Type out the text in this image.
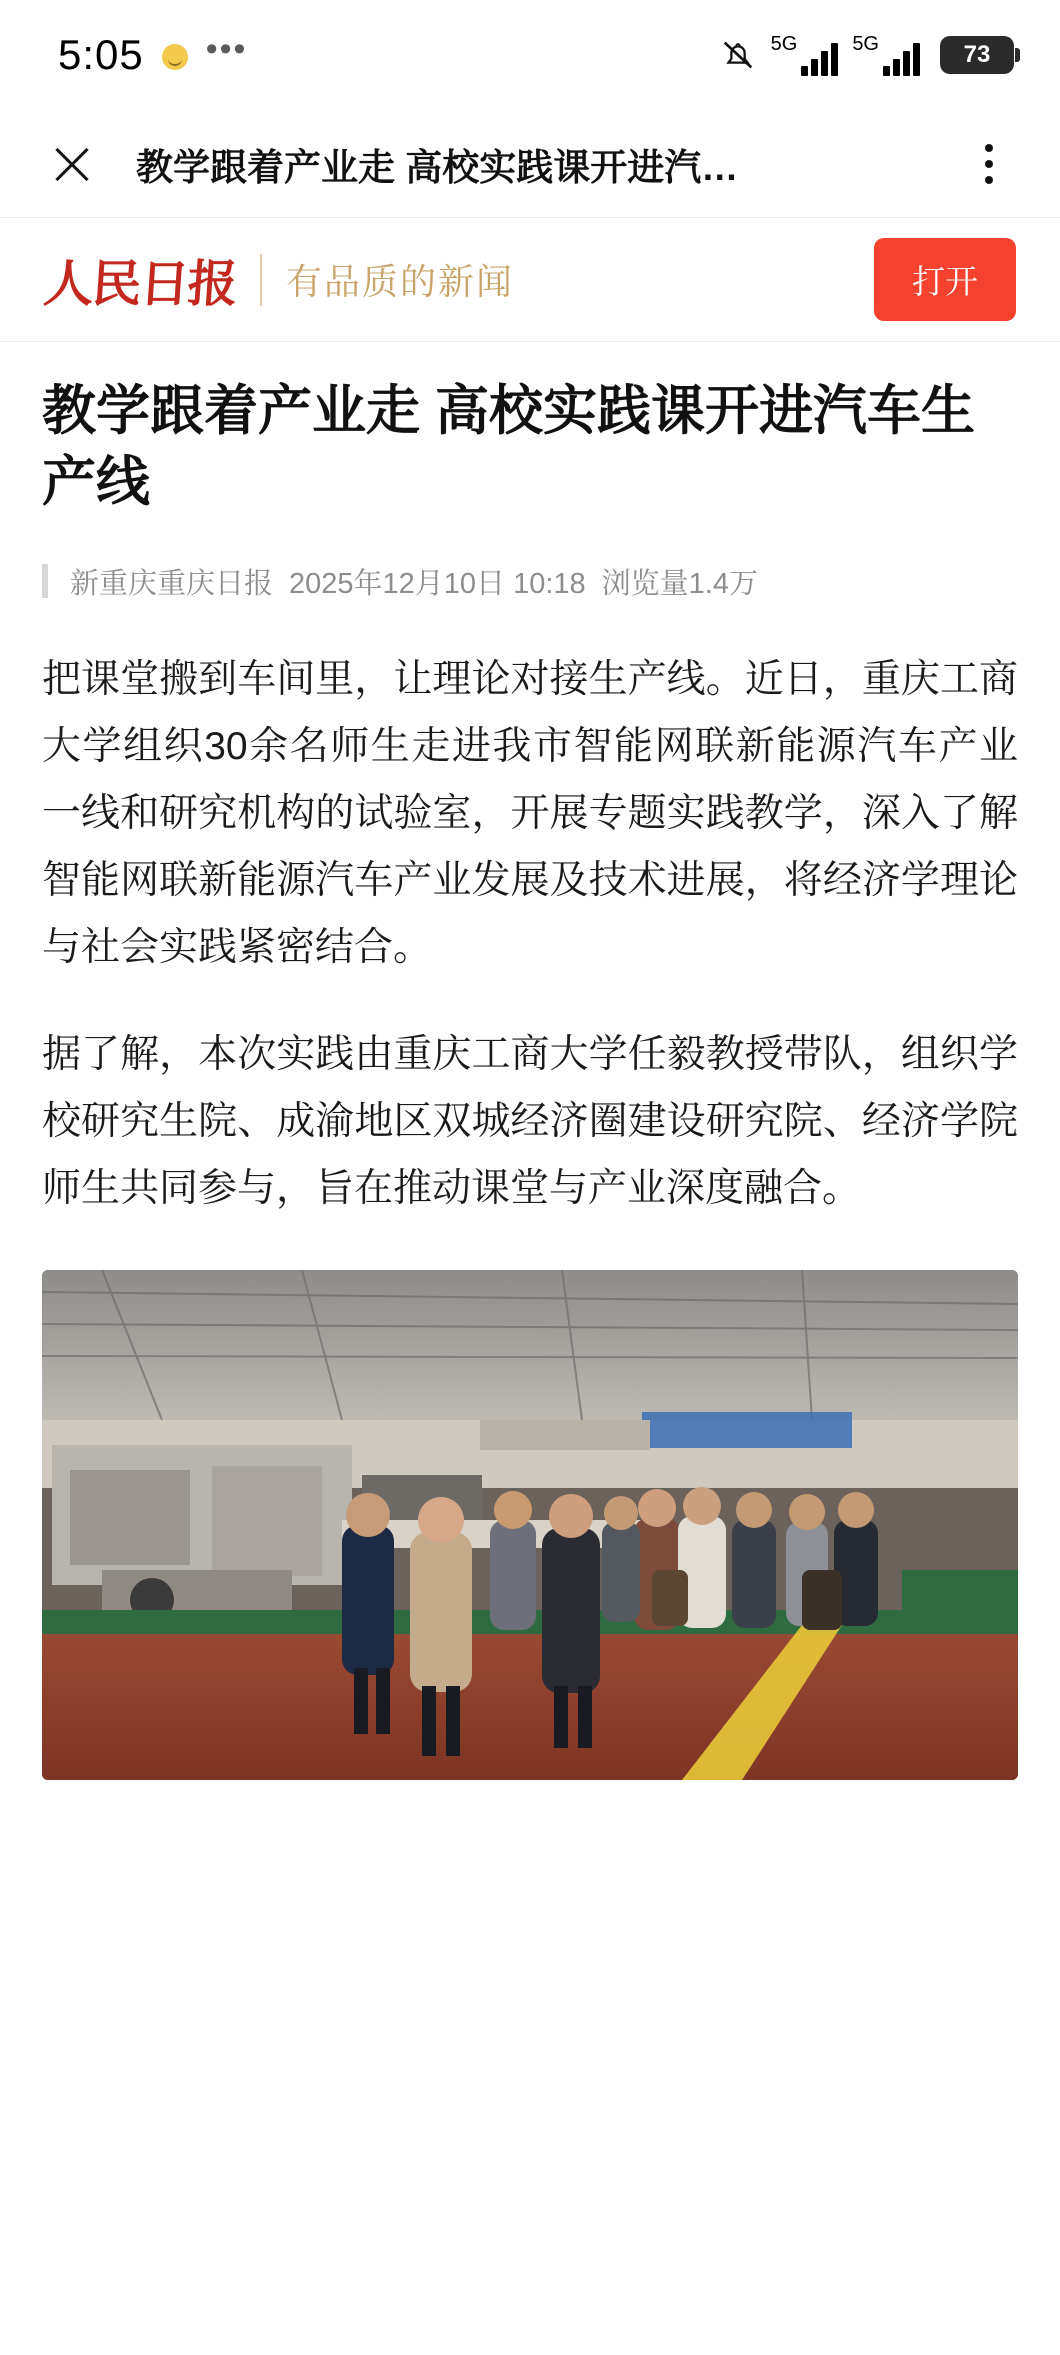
5:05 •••	5G	5G	73
教学跟着产业走 高校实践课开进汽…
人民日报 有品质的新闻	打开
教学跟着产业走 高校实践课开进汽车生产线
新重庆重庆日报 2025年12月10日 10:18 浏览量1.4万

把课堂搬到车间里，让理论对接生产线。近日，重庆工商大学组织30余名师生走进我市智能网联新能源汽车产业一线和研究机构的试验室，开展专题实践教学，深入了解智能网联新能源汽车产业发展及技术进展，将经济学理论与社会实践紧密结合。

据了解，本次实践由重庆工商大学任毅教授带队，组织学校研究生院、成渝地区双城经济圈建设研究院、经济学院师生共同参与，旨在推动课堂与产业深度融合。
